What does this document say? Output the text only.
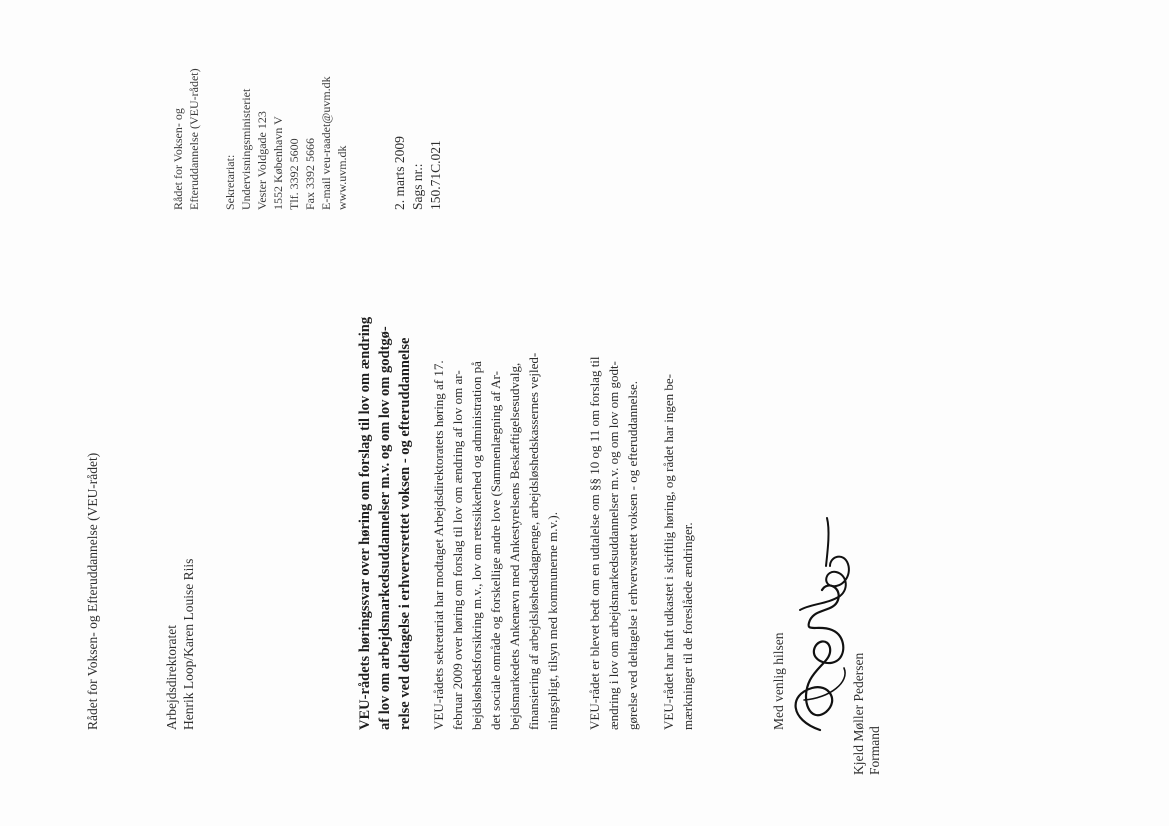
Rådet for Voksen- og Efteruddannelse (VEU-rådet)	Arbejdsdirektoratet Henrik Loop/Karen Louise Riis	VEU-rådets høringssvar over høring om forslag til lov om ændring af lov om arbejdsmarkedsuddannelser m.v. og om lov om godtgø- relse ved deltagelse i erhvervsrettet voksen - og efteruddannelse VEU-rådets sekretariat har modtaget Arbejdsdirektoratets høring af 17. februar 2009 over høring om forslag til lov om ændring af lov om ar- bejdsløshedsforsikring m.v., lov om retssikkerhed og administration på det sociale område og forskellige andre love (Sammenlægning af Ar- bejdsmarkedets Ankenævn med Ankestyrelsens Beskæftigelsesudvalg, finansiering af arbejdsløshedsdagpenge, arbejdsløshedskassernes vejled- ningspligt, tilsyn med kommunerne m.v.). VEU-rådet er blevet bedt om en udtalelse om §§ 10 og 11 om forslag til ændring i lov om arbejdsmarkedsuddannelser m.v. og om lov om godt- gørelse ved deltagelse i erhvervsrettet voksen - og efteruddannelse. VEU-rådet har haft udkastet i skriftlig høring, og rådet har ingen be- mærkninger til de foreslåede ændringer.	Med venlig hilsen	Kjeld Møller Pedersen Formand
Rådet for Voksen- og Efteruddannelse (VEU-rådet) Sekretariat: Undervisningsministeriet Vester Voldgade 123 1552 København V Tlf. 3392 5600 Fax 3392 5666 E-mail veu-raadet@uvm.dk www.uvm.dk	2. marts 2009 Sags nr.: 150.71C.021
